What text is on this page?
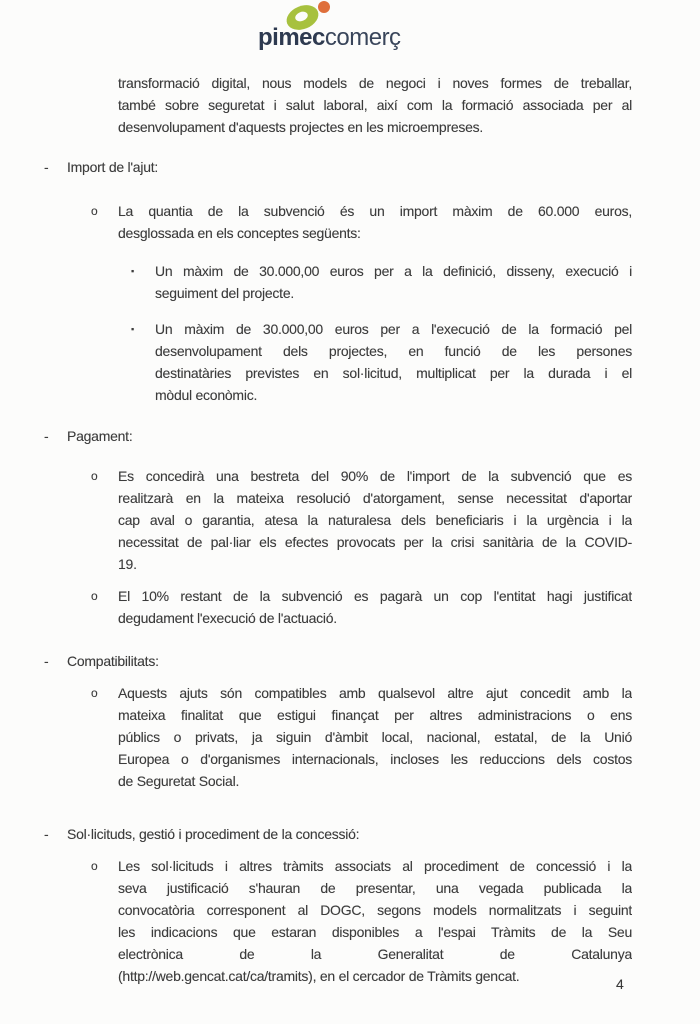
pimeccomerç
transformació digital, nous models de negoci i noves formes de treballar,
també sobre seguretat i salut laboral, així com la formació associada per al
desenvolupament d'aquests projectes en les microempreses.
- Import de l'ajut:
o La quantia de la subvenció és un import màxim de 60.000 euros,
desglossada en els conceptes següents:
▪ Un màxim de 30.000,00 euros per a la definició, disseny, execució i
seguiment del projecte.
▪ Un màxim de 30.000,00 euros per a l'execució de la formació pel
desenvolupament dels projectes, en funció de les persones
destinatàries previstes en sol·licitud, multiplicat per la durada i el
mòdul econòmic.
- Pagament:
o Es concedirà una bestreta del 90% de l'import de la subvenció que es
realitzarà en la mateixa resolució d'atorgament, sense necessitat d'aportar
cap aval o garantia, atesa la naturalesa dels beneficiaris i la urgència i la
necessitat de pal·liar els efectes provocats per la crisi sanitària de la COVID-
19.
o El 10% restant de la subvenció es pagarà un cop l'entitat hagi justificat
degudament l'execució de l'actuació.
- Compatibilitats:
o Aquests ajuts són compatibles amb qualsevol altre ajut concedit amb la
mateixa finalitat que estigui finançat per altres administracions o ens
públics o privats, ja siguin d'àmbit local, nacional, estatal, de la Unió
Europea o d'organismes internacionals, incloses les reduccions dels costos
de Seguretat Social.
- Sol·licituds, gestió i procediment de la concessió:
o Les sol·licituds i altres tràmits associats al procediment de concessió i la
seva justificació s'hauran de presentar, una vegada publicada la
convocatòria corresponent al DOGC, segons models normalitzats i seguint
les indicacions que estaran disponibles a l'espai Tràmits de la Seu
electrònica de la Generalitat de Catalunya
(http://web.gencat.cat/ca/tramits), en el cercador de Tràmits gencat.	4
